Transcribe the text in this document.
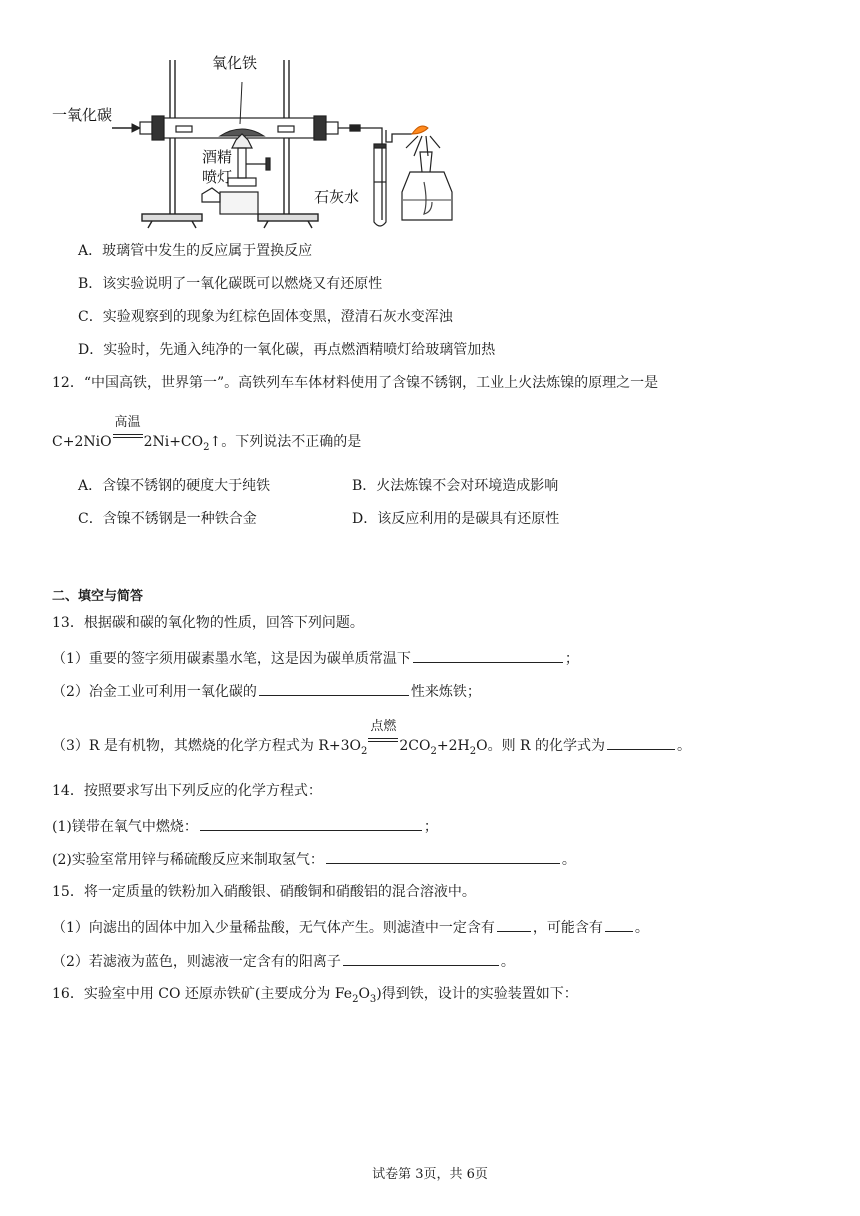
一氧化碳
氧化铁
酒精
喷灯
石灰水
A．玻璃管中发生的反应属于置换反应
B．该实验说明了一氧化碳既可以燃烧又有还原性
C．实验观察到的现象为红棕色固体变黑，澄清石灰水变浑浊
D．实验时，先通入纯净的一氧化碳，再点燃酒精喷灯给玻璃管加热
12．“中国高铁，世界第一”。高铁列车车体材料使用了含镍不锈钢，工业上火法炼镍的原理之一是
C+2NiO
高温
$2Ni+CO_2↑$。下列说法不正确的是
A．含镍不锈钢的硬度大于纯铁	B．火法炼镍不会对环境造成影响
C．含镍不锈钢是一种铁合金	D．该反应利用的是碳具有还原性
二、填空与简答
13．根据碳和碳的氧化物的性质，回答下列问题。
（1）重要的签字须用碳素墨水笔，这是因为碳单质常温下	；
（2）冶金工业可利用一氧化碳的	性来炼铁；
（3）R 是有机物，其燃烧的化学方程式为 $R+3O_2$
点燃
$2CO_2+2H_2O$。则 R 的化学式为	。
14．按照要求写出下列反应的化学方程式：
(1)镁带在氧气中燃烧：	；
(2)实验室常用锌与稀硫酸反应来制取氢气：	。
15．将一定质量的铁粉加入硝酸银、硝酸铜和硝酸铝的混合溶液中。
（1）向滤出的固体中加入少量稀盐酸，无气体产生。则滤渣中一定含有	，可能含有 。
（2）若滤液为蓝色，则滤液一定含有的阳离子	。
16．实验室中用 CO 还原赤铁矿(主要成分为 $Fe_2O_3$)得到铁，设计的实验装置如下：
试卷第 3页，共 6页
